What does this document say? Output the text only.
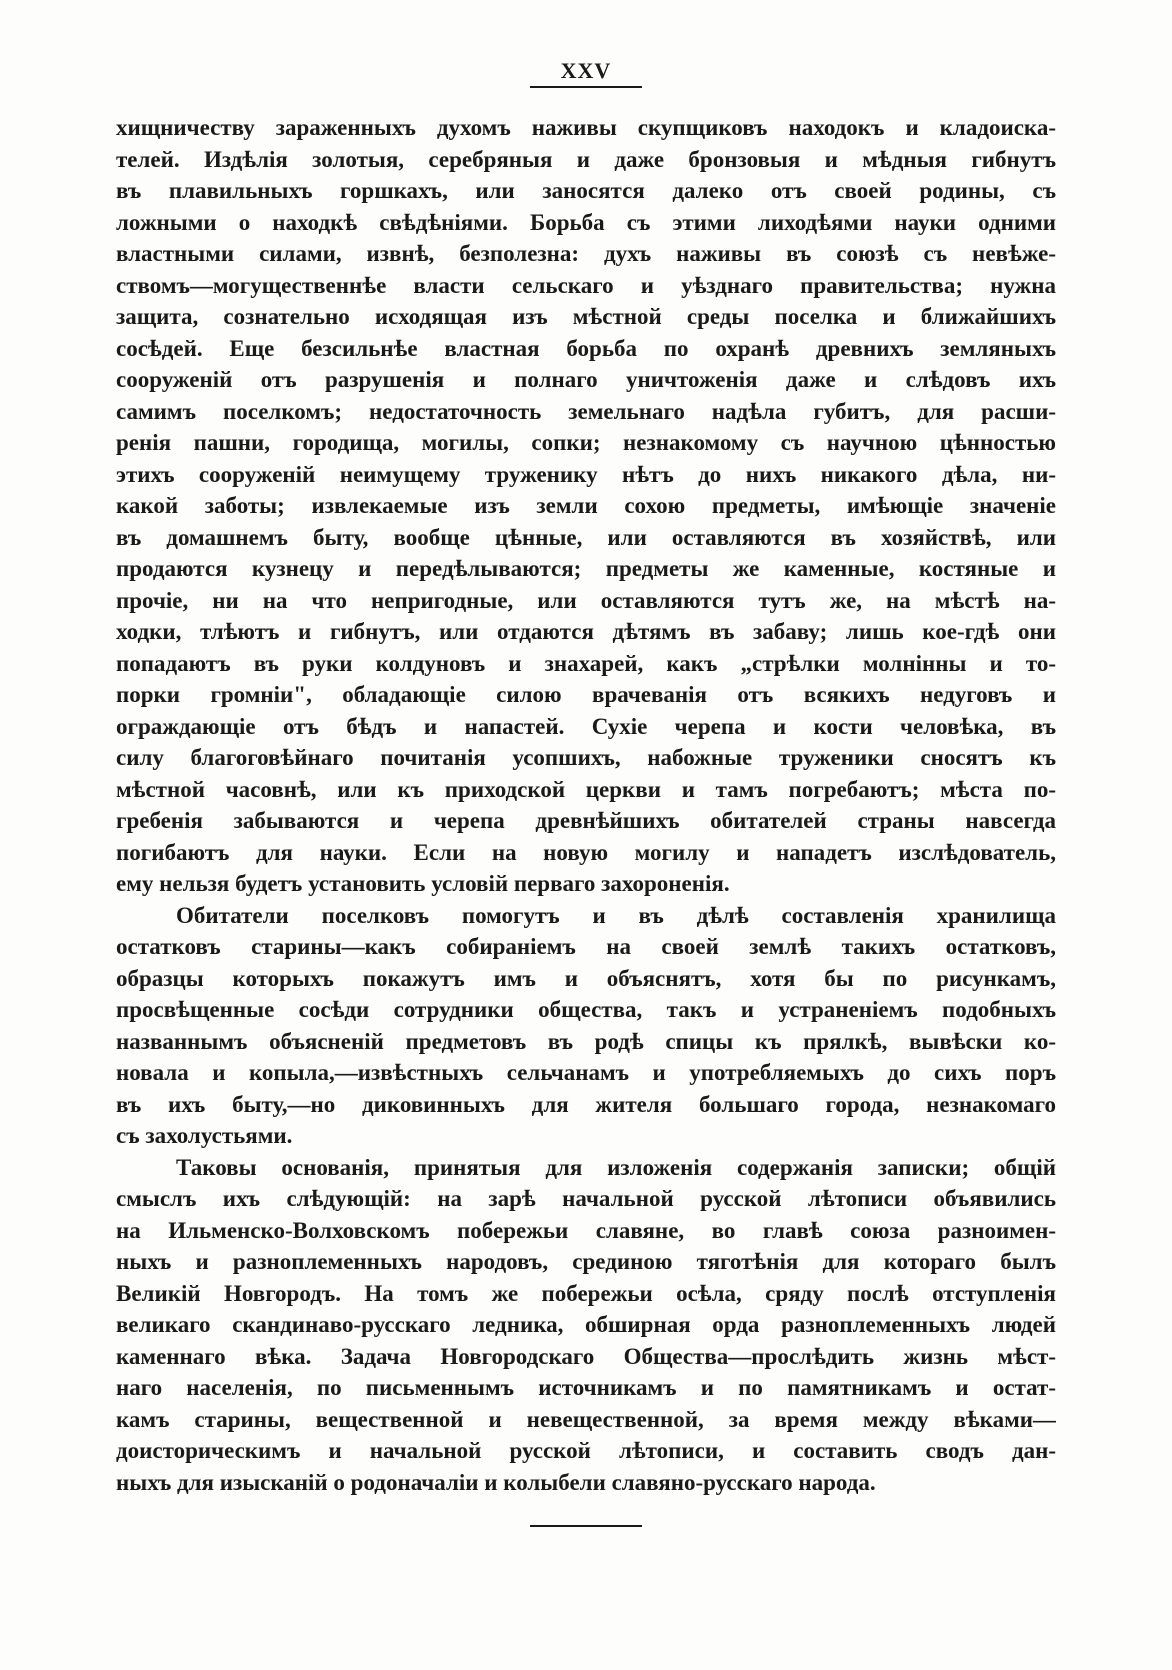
XXV
хищничеству зараженныхъ духомъ наживы скупщиковъ находокъ и кладоиска-
телей. Издѣлія золотыя, серебряныя и даже бронзовыя и мѣдныя гибнутъ
въ плавильныхъ горшкахъ, или заносятся далеко отъ своей родины, съ
ложными о находкѣ свѣдѣніями. Борьба съ этими лиходѣями науки одними
властными силами, извнѣ, безполезна: духъ наживы въ союзѣ съ невѣже-
ствомъ—могущественнѣе власти сельскаго и уѣзднаго правительства; нужна
защита, сознательно исходящая изъ мѣстной среды поселка и ближайшихъ
сосѣдей. Еще безсильнѣе властная борьба по охранѣ древнихъ земляныхъ
сооруженій отъ разрушенія и полнаго уничтоженія даже и слѣдовъ ихъ
самимъ поселкомъ; недостаточность земельнаго надѣла губитъ, для расши-
ренія пашни, городища, могилы, сопки; незнакомому съ научною цѣнностью
этихъ сооруженій неимущему труженику нѣтъ до нихъ никакого дѣла, ни-
какой заботы; извлекаемые изъ земли сохою предметы, имѣющіе значеніе
въ домашнемъ быту, вообще цѣнные, или оставляются въ хозяйствѣ, или
продаются кузнецу и передѣлываются; предметы же каменные, костяные и
прочіе, ни на что непригодные, или оставляются тутъ же, на мѣстѣ на-
ходки, тлѣютъ и гибнутъ, или отдаются дѣтямъ въ забаву; лишь кое-гдѣ они
попадаютъ въ руки колдуновъ и знахарей, какъ „стрѣлки молнінны и то-
порки громніи", обладающіе силою врачеванія отъ всякихъ недуговъ и
ограждающіе отъ бѣдъ и напастей. Сухіе черепа и кости человѣка, въ
силу благоговѣйнаго почитанія усопшихъ, набожные труженики сносятъ къ
мѣстной часовнѣ, или къ приходской церкви и тамъ погребаютъ; мѣста по-
гребенія забываются и черепа древнѣйшихъ обитателей страны навсегда
погибаютъ для науки. Если на новую могилу и нападетъ изслѣдователь,
ему нельзя будетъ установить условій перваго захороненія.
Обитатели поселковъ помогутъ и въ дѣлѣ составленія хранилища
остатковъ старины—какъ собираніемъ на своей землѣ такихъ остатковъ,
образцы которыхъ покажутъ имъ и объяснятъ, хотя бы по рисункамъ,
просвѣщенные сосѣди сотрудники общества, такъ и устраненіемъ подобныхъ
названнымъ объясненій предметовъ въ родѣ спицы къ прялкѣ, вывѣски ко-
новала и копыла,—извѣстныхъ сельчанамъ и употребляемыхъ до сихъ поръ
въ ихъ быту,—но диковинныхъ для жителя большаго города, незнакомаго
съ захолустьями.
Таковы основанія, принятыя для изложенія содержанія записки; общій
смыслъ ихъ слѣдующій: на зарѣ начальной русской лѣтописи объявились
на Ильменско-Волховскомъ побережьи славяне, во главѣ союза разноимен-
ныхъ и разноплеменныхъ народовъ, срединою тяготѣнія для котораго былъ
Великій Новгородъ. На томъ же побережьи осѣла, сряду послѣ отступленія
великаго скандинаво-русскаго ледника, обширная орда разноплеменныхъ людей
каменнаго вѣка. Задача Новгородскаго Общества—прослѣдить жизнь мѣст-
наго населенія, по письменнымъ источникамъ и по памятникамъ и остат-
камъ старины, вещественной и невещественной, за время между вѣками—
доисторическимъ и начальной русской лѣтописи, и составить сводъ дан-
ныхъ для изысканій о родоначаліи и колыбели славяно-русскаго народа.
